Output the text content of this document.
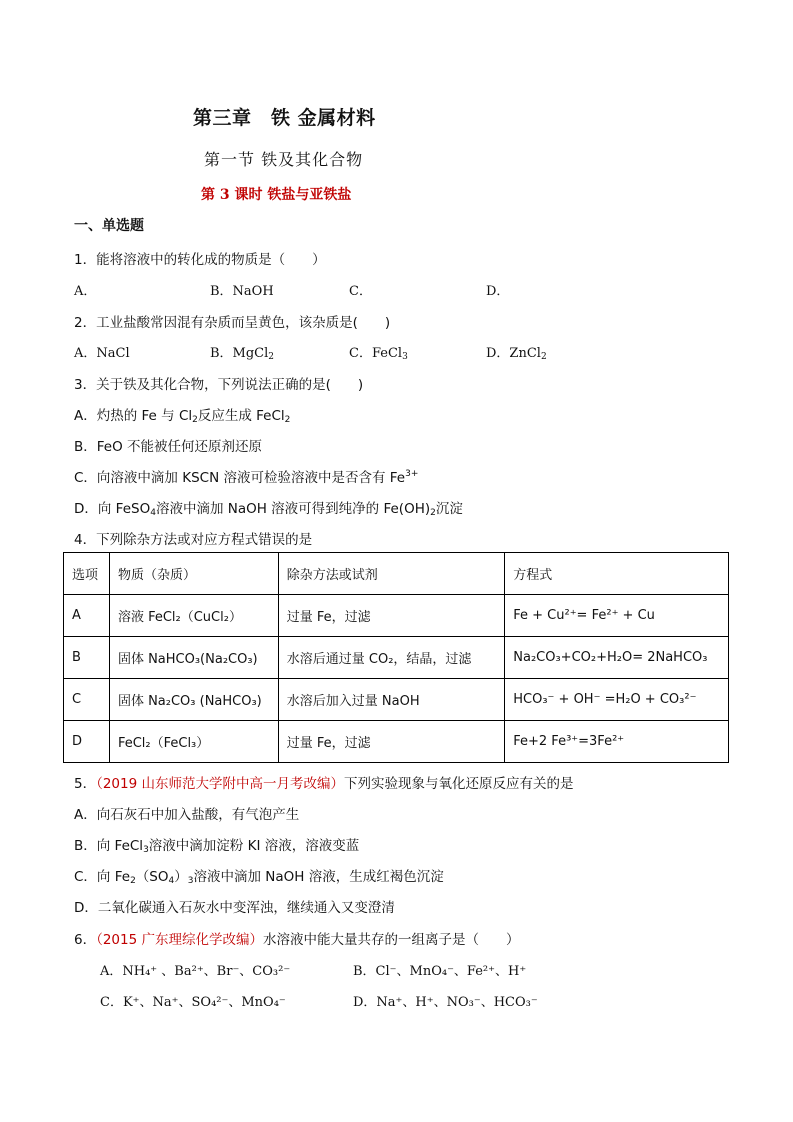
第三章　铁 金属材料
第一节 铁及其化合物
第 3 课时 铁盐与亚铁盐
一、单选题
1．能将溶液中的转化成的物质是（　　）
A．	B．NaOH	C．	D．
2．工业盐酸常因混有杂质而呈黄色，该杂质是(　　)
A．NaCl	B．MgCl$_2$	C．FeCl$_3$	D．ZnCl$_2$
3．关于铁及其化合物，下列说法正确的是(　　)
A．灼热的 Fe 与 $Cl_2$反应生成 FeCl$_2$
B．FeO 不能被任何还原剂还原
C．向溶液中滴加 KSCN 溶液可检验溶液中是否含有 $Fe^{3+}$
D．向 FeSO$_4$溶液中滴加 NaOH 溶液可得到纯净的 $Fe(OH)_2$沉淀
4．下列除杂方法或对应方程式错误的是
选项	物质（杂质）	除杂方法或试剂	方程式
A	溶液 FeCl₂（CuCl₂）	过量 Fe，过滤	Fe + Cu²⁺= Fe²⁺ + Cu
B	固体 NaHCO₃(Na₂CO₃)	水溶后通过量 CO₂，结晶，过滤	Na₂CO₃+CO₂+H₂O= 2NaHCO₃
C	固体 Na₂CO₃ (NaHCO₃)	水溶后加入过量 NaOH	HCO₃⁻ + OH⁻ =H₂O + CO₃²⁻
D	FeCl₂（FeCl₃）	过量 Fe，过滤	Fe+2 Fe³⁺=3Fe²⁺
5．（2019 山东师范大学附中高一月考改编）下列实验现象与氧化还原反应有关的是
A．向石灰石中加入盐酸，有气泡产生
B．向 FeCl$_3$溶液中滴加淀粉 KI 溶液，溶液变蓝
C．向 $Fe_2(SO_4)_3$溶液中滴加 NaOH 溶液，生成红褐色沉淀
D．二氧化碳通入石灰水中变浑浊，继续通入又变澄清
6．（2015 广东理综化学改编）水溶液中能大量共存的一组离子是（　　）
A．NH₄⁺ 、Ba²⁺、Br⁻、CO₃²⁻	B．Cl⁻、MnO₄⁻、Fe²⁺、H⁺
C．K⁺、Na⁺、SO₄²⁻、MnO₄⁻	D．Na⁺、H⁺、NO₃⁻、HCO₃⁻
